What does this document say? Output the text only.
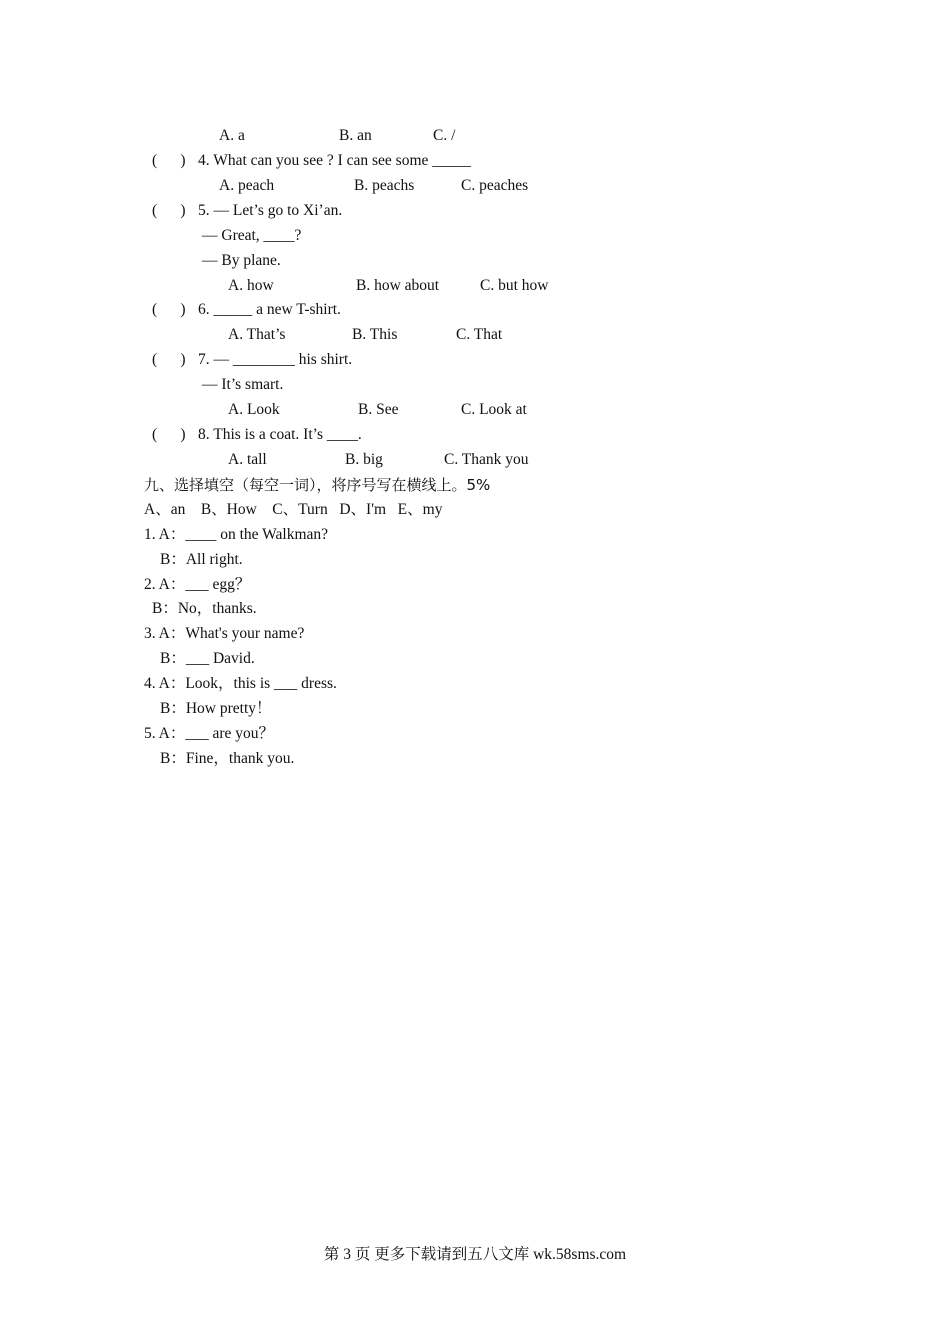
A. a	B. an	C. /
(      ) 4. What can you see ? I can see some _____
A. peach	B. peachs	C. peaches
(      ) 5. — Let’s go to Xi’an.
— Great, ____?
— By plane.
A. how	B. how about	C. but how
(      ) 6. _____ a new T-shirt.
A. That’s	B. This	C. That
(      ) 7. — ________ his shirt.
— It’s smart.
A. Look	B. See	C. Look at
(      ) 8. This is a coat. It’s ____.
A. tall	B. big	C. Thank you
九、选择填空（每空一词），将序号写在横线上。5%
A、an    B、How    C、Turn   D、I'm   E、my
1. A：____ on the Walkman?
B：All right.
2. A：___ egg？
B：No，thanks.
3. A：What's your name?
B：___ David.
4. A：Look，this is ___ dress.
B：How pretty！
5. A：___ are you？
B：Fine，thank you.
第 3 页 更多下载请到五八文库 wk.58sms.com
